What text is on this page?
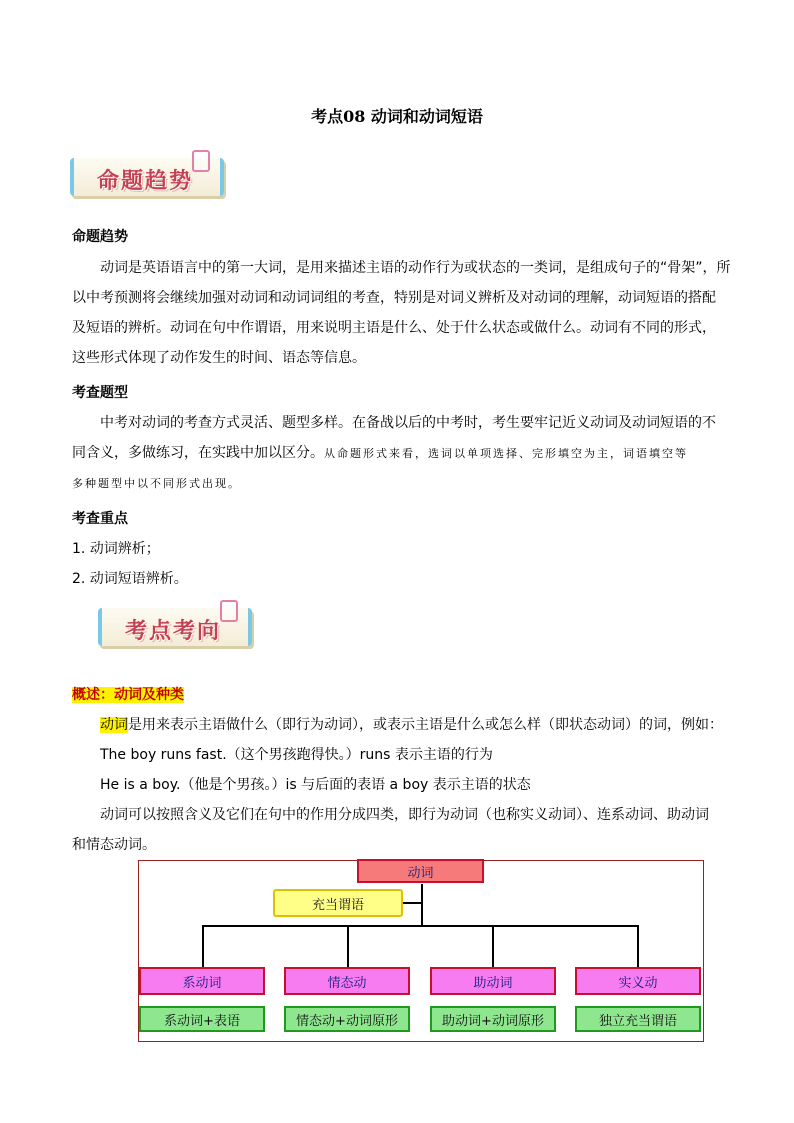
考点08 动词和动词短语
命题趋势
命题趋势
动词是英语语言中的第一大词，是用来描述主语的动作行为或状态的一类词，是组成句子的“骨架”，所
以中考预测将会继续加强对动词和动词词组的考查，特别是对词义辨析及对动词的理解，动词短语的搭配
及短语的辨析。动词在句中作谓语，用来说明主语是什么、处于什么状态或做什么。动词有不同的形式，
这些形式体现了动作发生的时间、语态等信息。
考查题型
中考对动词的考查方式灵活、题型多样。在备战以后的中考时，考生要牢记近义动词及动词短语的不
同含义，多做练习，在实践中加以区分。从命题形式来看，选词以单项选择、完形填空为主，词语填空等
多种题型中以不同形式出现。
考查重点
1. 动词辨析；
2. 动词短语辨析。
考点考向
概述：动词及种类
动词是用来表示主语做什么（即行为动词），或表示主语是什么或怎么样（即状态动词）的词，例如：
The boy runs fast.（这个男孩跑得快。）runs 表示主语的行为
He is a boy.（他是个男孩。）is 与后面的表语 a boy 表示主语的状态
动词可以按照含义及它们在句中的作用分成四类，即行为动词（也称实义动词）、连系动词、助动词
和情态动词。
动词
充当谓语
系动词	情态动	助动词	实义动
系动词+表语	情态动+动词原形	助动词+动词原形	独立充当谓语
